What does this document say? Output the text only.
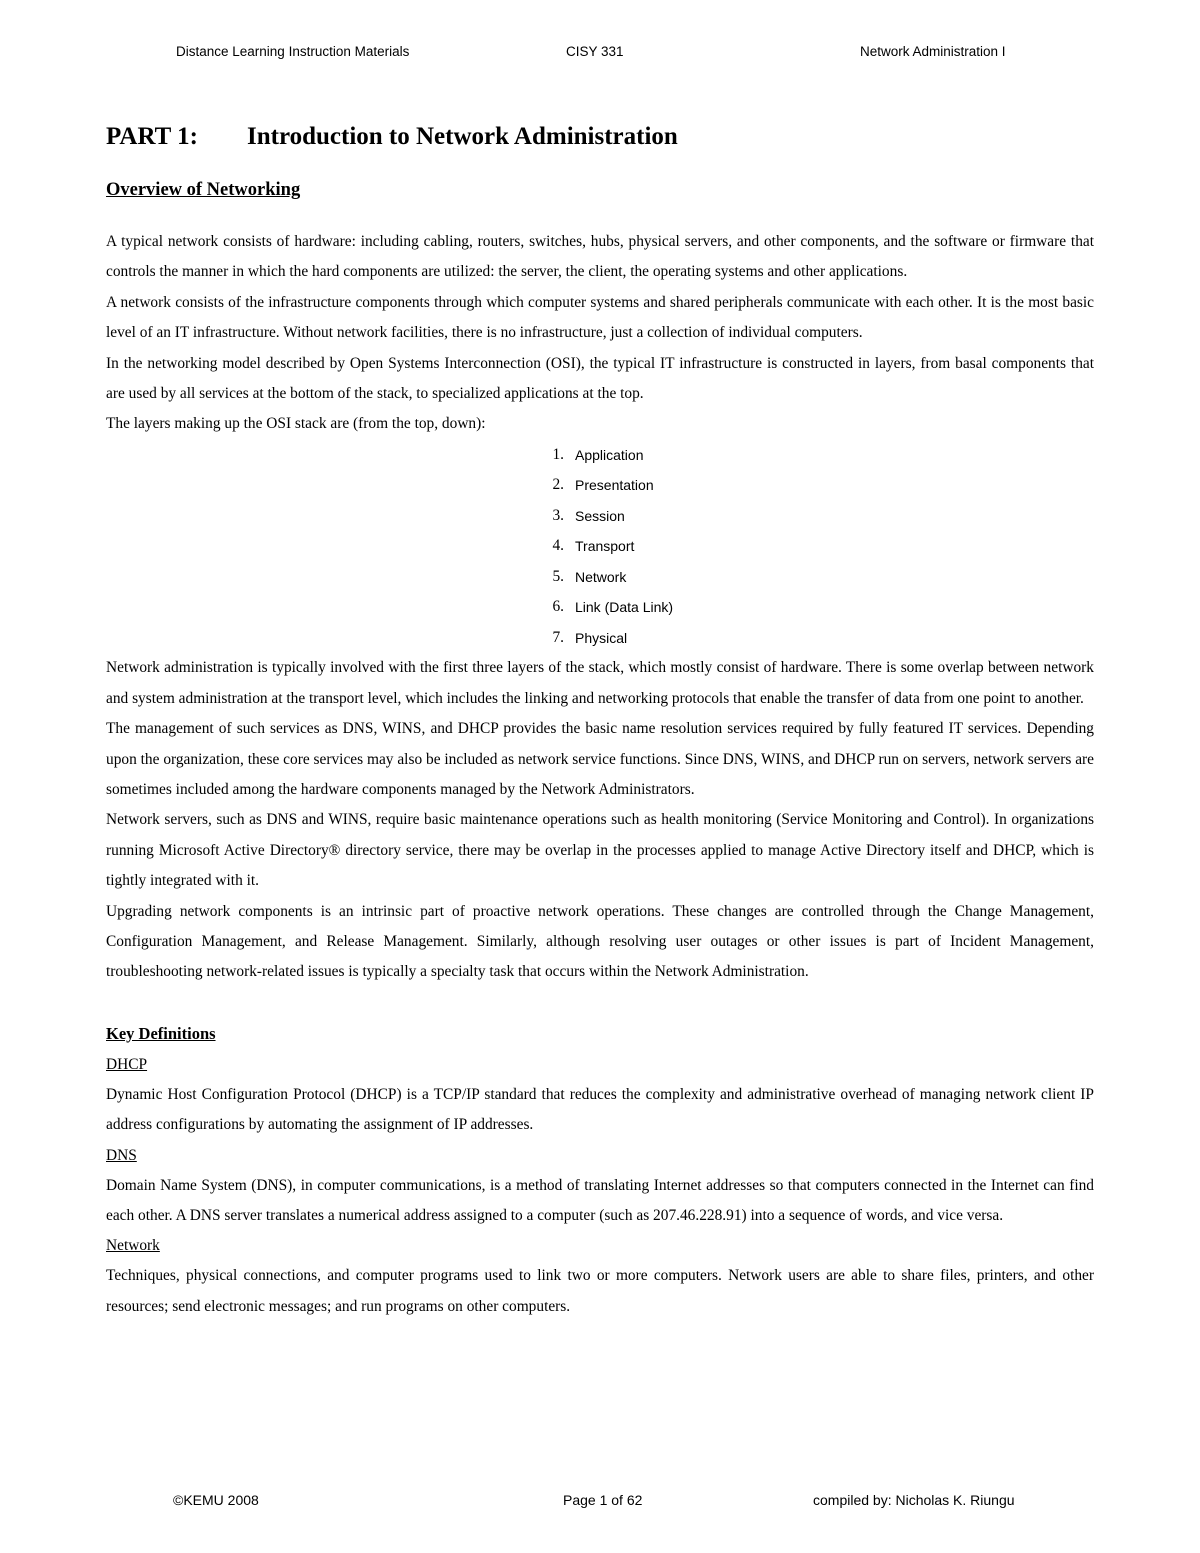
Distance Learning Instruction Materials	CISY 331	Network Administration I
PART 1: Introduction to Network Administration
Overview of Networking

A typical network consists of hardware: including cabling, routers, switches, hubs, physical servers, and other components, and the software or firmware that controls the manner in which the hard components are utilized: the server, the client, the operating systems and other applications.

A network consists of the infrastructure components through which computer systems and shared peripherals communicate with each other. It is the most basic level of an IT infrastructure. Without network facilities, there is no infrastructure, just a collection of individual computers.

In the networking model described by Open Systems Interconnection (OSI), the typical IT infrastructure is constructed in layers, from basal components that are used by all services at the bottom of the stack, to specialized applications at the top.

The layers making up the OSI stack are (from the top, down):

1. Application
2. Presentation
3. Session
4. Transport
5. Network
6. Link (Data Link)
7. Physical

Network administration is typically involved with the first three layers of the stack, which mostly consist of hardware. There is some overlap between network and system administration at the transport level, which includes the linking and networking protocols that enable the transfer of data from one point to another.

The management of such services as DNS, WINS, and DHCP provides the basic name resolution services required by fully featured IT services. Depending upon the organization, these core services may also be included as network service functions. Since DNS, WINS, and DHCP run on servers, network servers are sometimes included among the hardware components managed by the Network Administrators.

Network servers, such as DNS and WINS, require basic maintenance operations such as health monitoring (Service Monitoring and Control). In organizations running Microsoft Active Directory® directory service, there may be overlap in the processes applied to manage Active Directory itself and DHCP, which is tightly integrated with it.

Upgrading network components is an intrinsic part of proactive network operations. These changes are controlled through the Change Management, Configuration Management, and Release Management. Similarly, although resolving user outages or other issues is part of Incident Management, troubleshooting network-related issues is typically a specialty task that occurs within the Network Administration.

Key Definitions

DHCP

Dynamic Host Configuration Protocol (DHCP) is a TCP/IP standard that reduces the complexity and administrative overhead of managing network client IP address configurations by automating the assignment of IP addresses.

DNS

Domain Name System (DNS), in computer communications, is a method of translating Internet addresses so that computers connected in the Internet can find each other. A DNS server translates a numerical address assigned to a computer (such as 207.46.228.91) into a sequence of words, and vice versa.

Network

Techniques, physical connections, and computer programs used to link two or more computers. Network users are able to share files, printers, and other resources; send electronic messages; and run programs on other computers.

©KEMU 2008	Page 1 of 62	compiled by: Nicholas K. Riungu
